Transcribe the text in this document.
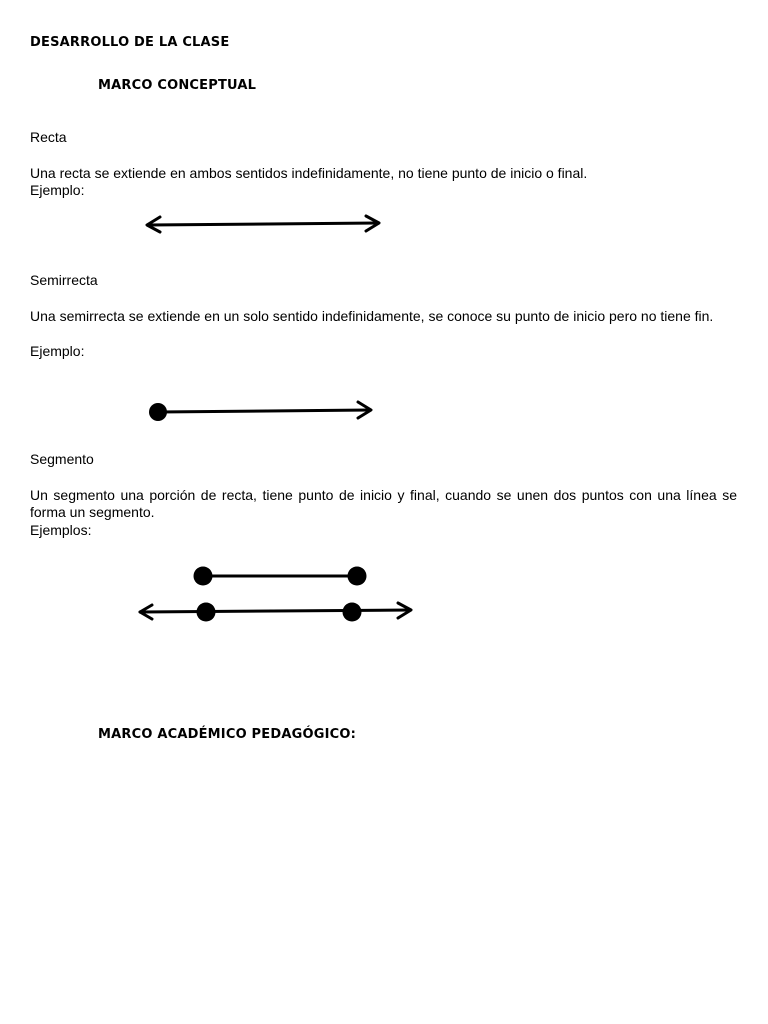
DESARROLLO DE LA CLASE
MARCO CONCEPTUAL
Recta
Una recta se extiende en ambos sentidos indefinidamente, no tiene punto de inicio o final.
Ejemplo:
Semirrecta
Una semirrecta se extiende en un solo sentido indefinidamente, se conoce su punto de inicio pero no tiene fin.
Ejemplo:
Segmento
Un segmento una porción de recta, tiene punto de inicio y final, cuando se unen dos puntos con una línea se forma un segmento.
Ejemplos:
MARCO ACADÉMICO PEDAGÓGICO:
